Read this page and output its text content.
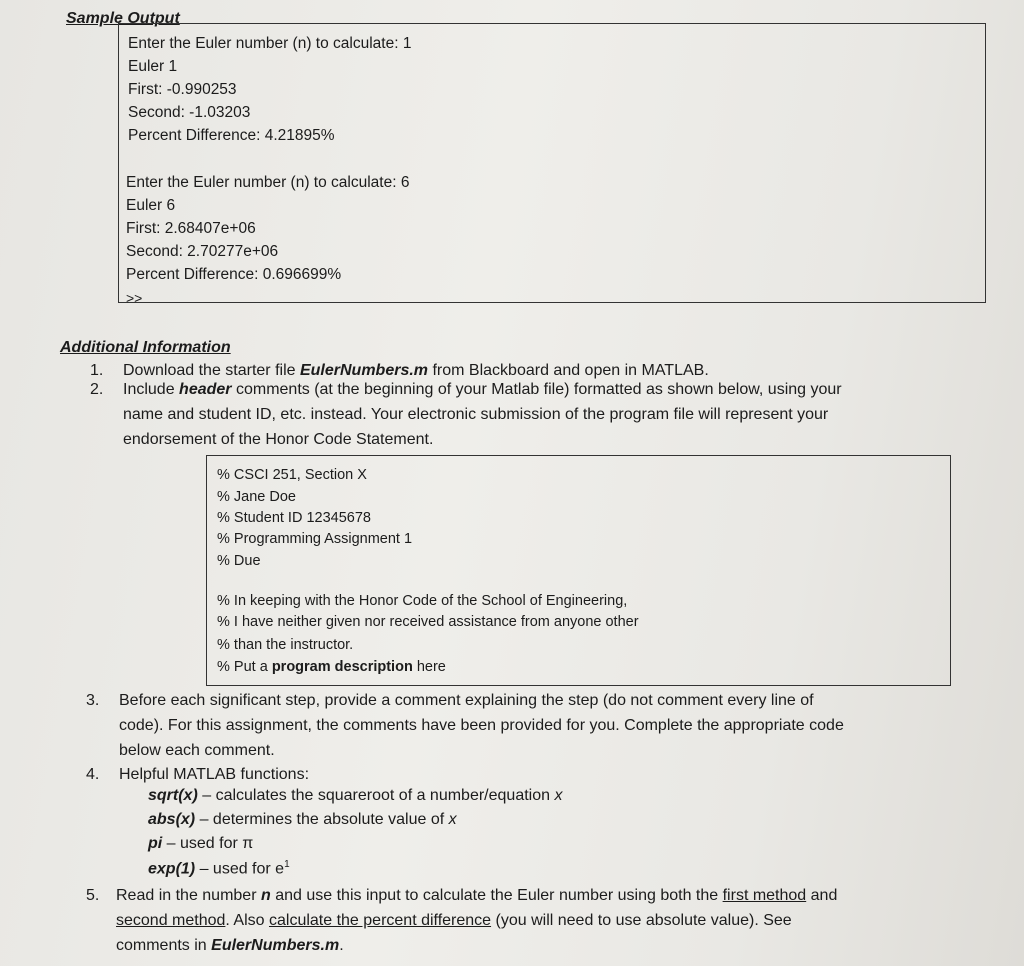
Sample Output
Enter the Euler number (n) to calculate: 1
Euler 1
First: -0.990253
Second: -1.03203
Percent Difference: 4.21895%
Enter the Euler number (n) to calculate: 6
Euler 6
First: 2.68407e+06
Second: 2.70277e+06
Percent Difference: 0.696699%
>>
Additional Information
1. Download the starter file EulerNumbers.m from Blackboard and open in MATLAB.
2. Include header comments (at the beginning of your Matlab file) formatted as shown below, using your
name and student ID, etc. instead. Your electronic submission of the program file will represent your
endorsement of the Honor Code Statement.
% CSCI 251, Section X
% Jane Doe
% Student ID 12345678
% Programming Assignment 1
% Due
% In keeping with the Honor Code of the School of Engineering,
% I have neither given nor received assistance from anyone other
% than the instructor.
% Put a program description here
3. Before each significant step, provide a comment explaining the step (do not comment every line of
code). For this assignment, the comments have been provided for you. Complete the appropriate code
below each comment.
4. Helpful MATLAB functions:
sqrt(x) – calculates the squareroot of a number/equation x
abs(x) – determines the absolute value of x
pi – used for π
exp(1) – used for $e^1$
5. Read in the number n and use this input to calculate the Euler number using both the first method and
second method. Also calculate the percent difference (you will need to use absolute value). See
comments in EulerNumbers.m.
